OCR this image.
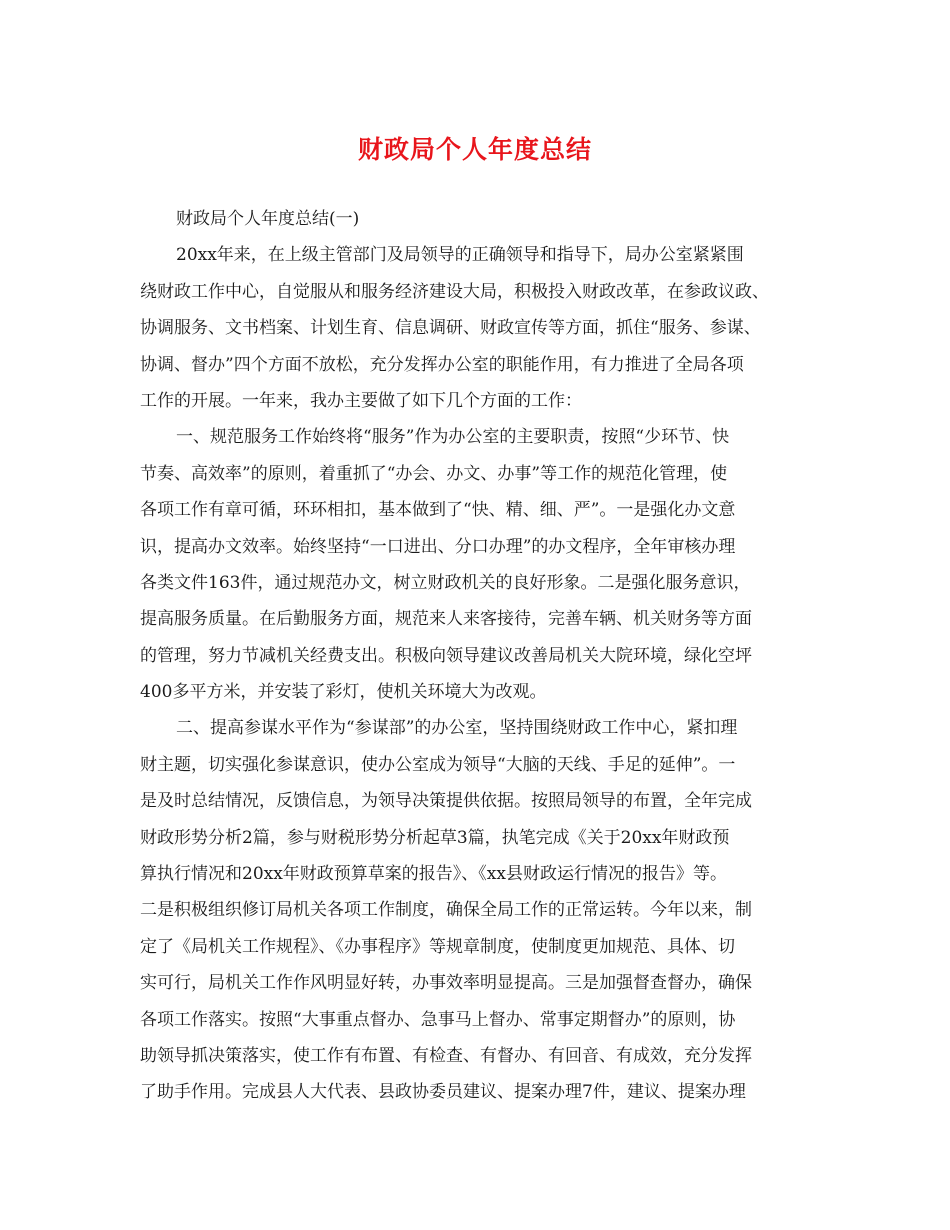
财政局个人年度总结
财政局个人年度总结(一)
20xx年来，在上级主管部门及局领导的正确领导和指导下，局办公室紧紧围
绕财政工作中心，自觉服从和服务经济建设大局，积极投入财政改革，在参政议政、
协调服务、文书档案、计划生育、信息调研、财政宣传等方面，抓住“服务、参谋、
协调、督办”四个方面不放松，充分发挥办公室的职能作用，有力推进了全局各项
工作的开展。一年来，我办主要做了如下几个方面的工作：
一、规范服务工作始终将“服务”作为办公室的主要职责，按照“少环节、快
节奏、高效率”的原则，着重抓了“办会、办文、办事”等工作的规范化管理，使
各项工作有章可循，环环相扣，基本做到了“快、精、细、严”。一是强化办文意
识，提高办文效率。始终坚持“一口进出、分口办理”的办文程序，全年审核办理
各类文件163件，通过规范办文，树立财政机关的良好形象。二是强化服务意识，
提高服务质量。在后勤服务方面，规范来人来客接待，完善车辆、机关财务等方面
的管理，努力节减机关经费支出。积极向领导建议改善局机关大院环境，绿化空坪
400多平方米，并安装了彩灯，使机关环境大为改观。
二、提高参谋水平作为“参谋部”的办公室，坚持围绕财政工作中心，紧扣理
财主题，切实强化参谋意识，使办公室成为领导“大脑的天线、手足的延伸”。一
是及时总结情况，反馈信息，为领导决策提供依据。按照局领导的布置，全年完成
财政形势分析2篇，参与财税形势分析起草3篇，执笔完成《关于20xx年财政预
算执行情况和20xx年财政预算草案的报告》、《xx县财政运行情况的报告》等。
二是积极组织修订局机关各项工作制度，确保全局工作的正常运转。今年以来，制
定了《局机关工作规程》、《办事程序》等规章制度，使制度更加规范、具体、切
实可行，局机关工作作风明显好转，办事效率明显提高。三是加强督查督办，确保
各项工作落实。按照“大事重点督办、急事马上督办、常事定期督办”的原则，协
助领导抓决策落实，使工作有布置、有检查、有督办、有回音、有成效，充分发挥
了助手作用。完成县人大代表、县政协委员建议、提案办理7件，建议、提案办理
